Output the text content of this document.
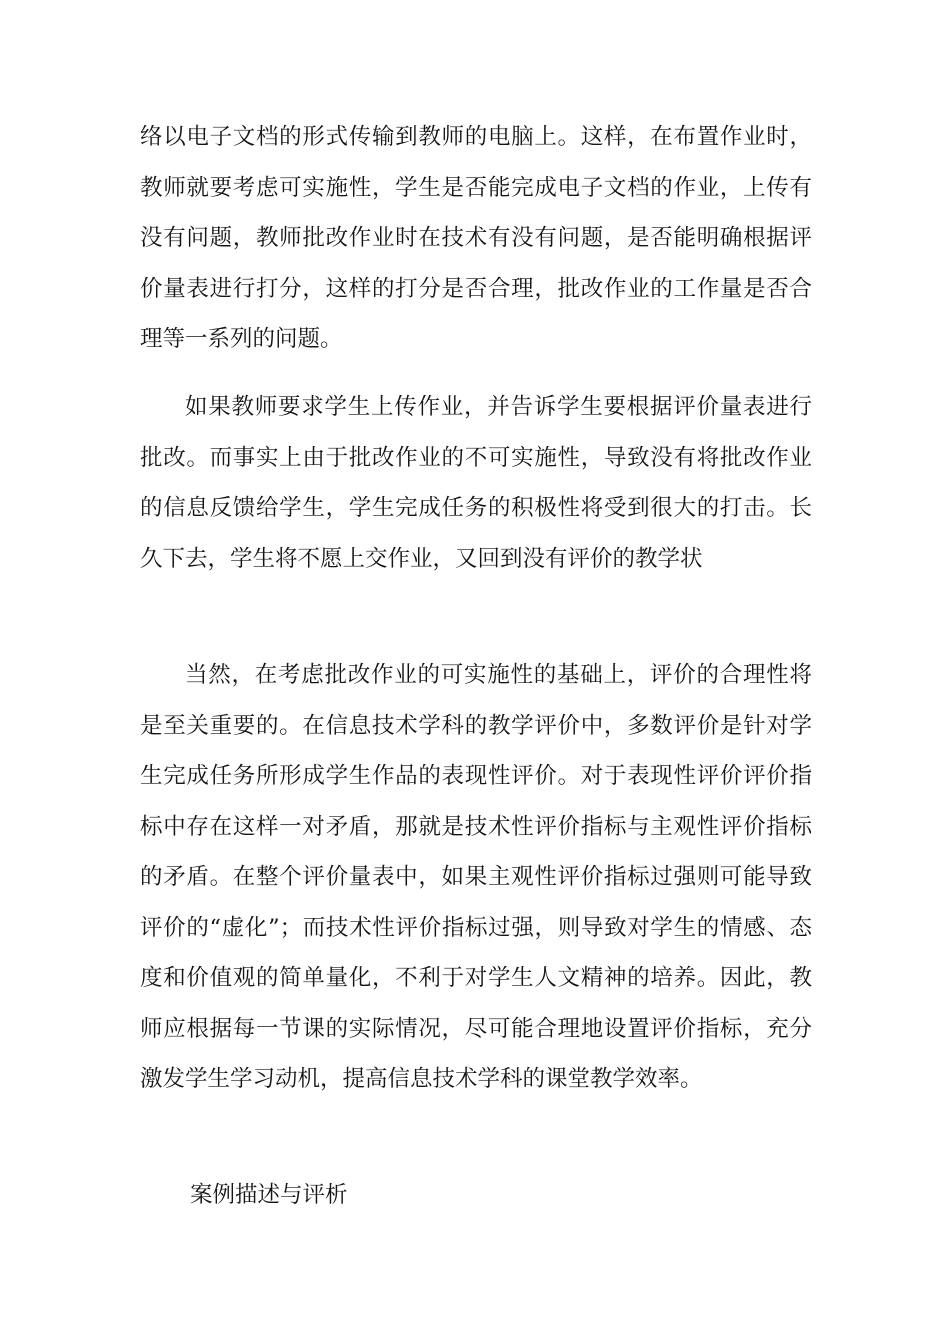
络以电子文档的形式传输到教师的电脑上。这样，在布置作业时，教师就要考虑可实施性，学生是否能完成电子文档的作业，上传有没有问题，教师批改作业时在技术有没有问题，是否能明确根据评价量表进行打分，这样的打分是否合理，批改作业的工作量是否合理等一系列的问题。

如果教师要求学生上传作业，并告诉学生要根据评价量表进行批改。而事实上由于批改作业的不可实施性，导致没有将批改作业的信息反馈给学生，学生完成任务的积极性将受到很大的打击。长久下去，学生将不愿上交作业，又回到没有评价的教学状

当然，在考虑批改作业的可实施性的基础上，评价的合理性将是至关重要的。在信息技术学科的教学评价中，多数评价是针对学生完成任务所形成学生作品的表现性评价。对于表现性评价评价指标中存在这样一对矛盾，那就是技术性评价指标与主观性评价指标的矛盾。在整个评价量表中，如果主观性评价指标过强则可能导致评价的“虚化”；而技术性评价指标过强，则导致对学生的情感、态度和价值观的简单量化，不利于对学生人文精神的培养。因此，教师应根据每一节课的实际情况，尽可能合理地设置评价指标，充分激发学生学习动机，提高信息技术学科的课堂教学效率。

案例描述与评析
